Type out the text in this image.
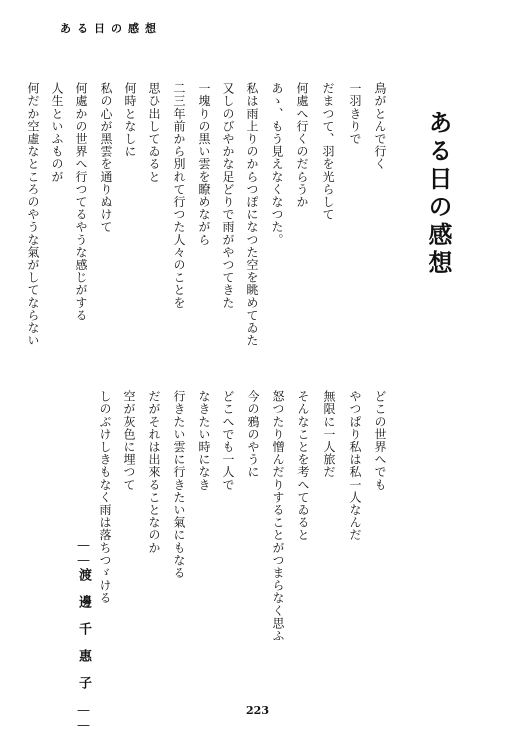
ある日の感想
ある日の感想
鳥がとんで行く
一羽きりで
だまつて、羽を光らして
何處へ行くのだらうか
あゝ、もう見えなくなつた。
私は雨上りのからつぽになつた空を眺めてゐた
又しのびやかな足どりで雨がやつてきた
一塊りの黒い雲を瞭めながら
二三年前から別れて行つた人々のことを
思ひ出してゐると
何時となしに
私の心が黑雲を通りぬけて
何處かの世界へ行つてるやうな感じがする
人生といふものが
何だか空虛なところのやうな氣がしてならない
どこの世界へでも
やつぱり私は私一人なんだ
無限に一人旅だ
そんなことを考へてゐると
怒つたり憎んだりすることがつまらなく思ふ
今の鴉のやうに
どこへでも一人で
なきたい時になき
行きたい雲に行きたい氣にもなる
だがそれは出來ることなのか
空が灰色に埋つて
しのぶけしきもなく雨は落ちつゞける
——渡邊千惠子——	223
